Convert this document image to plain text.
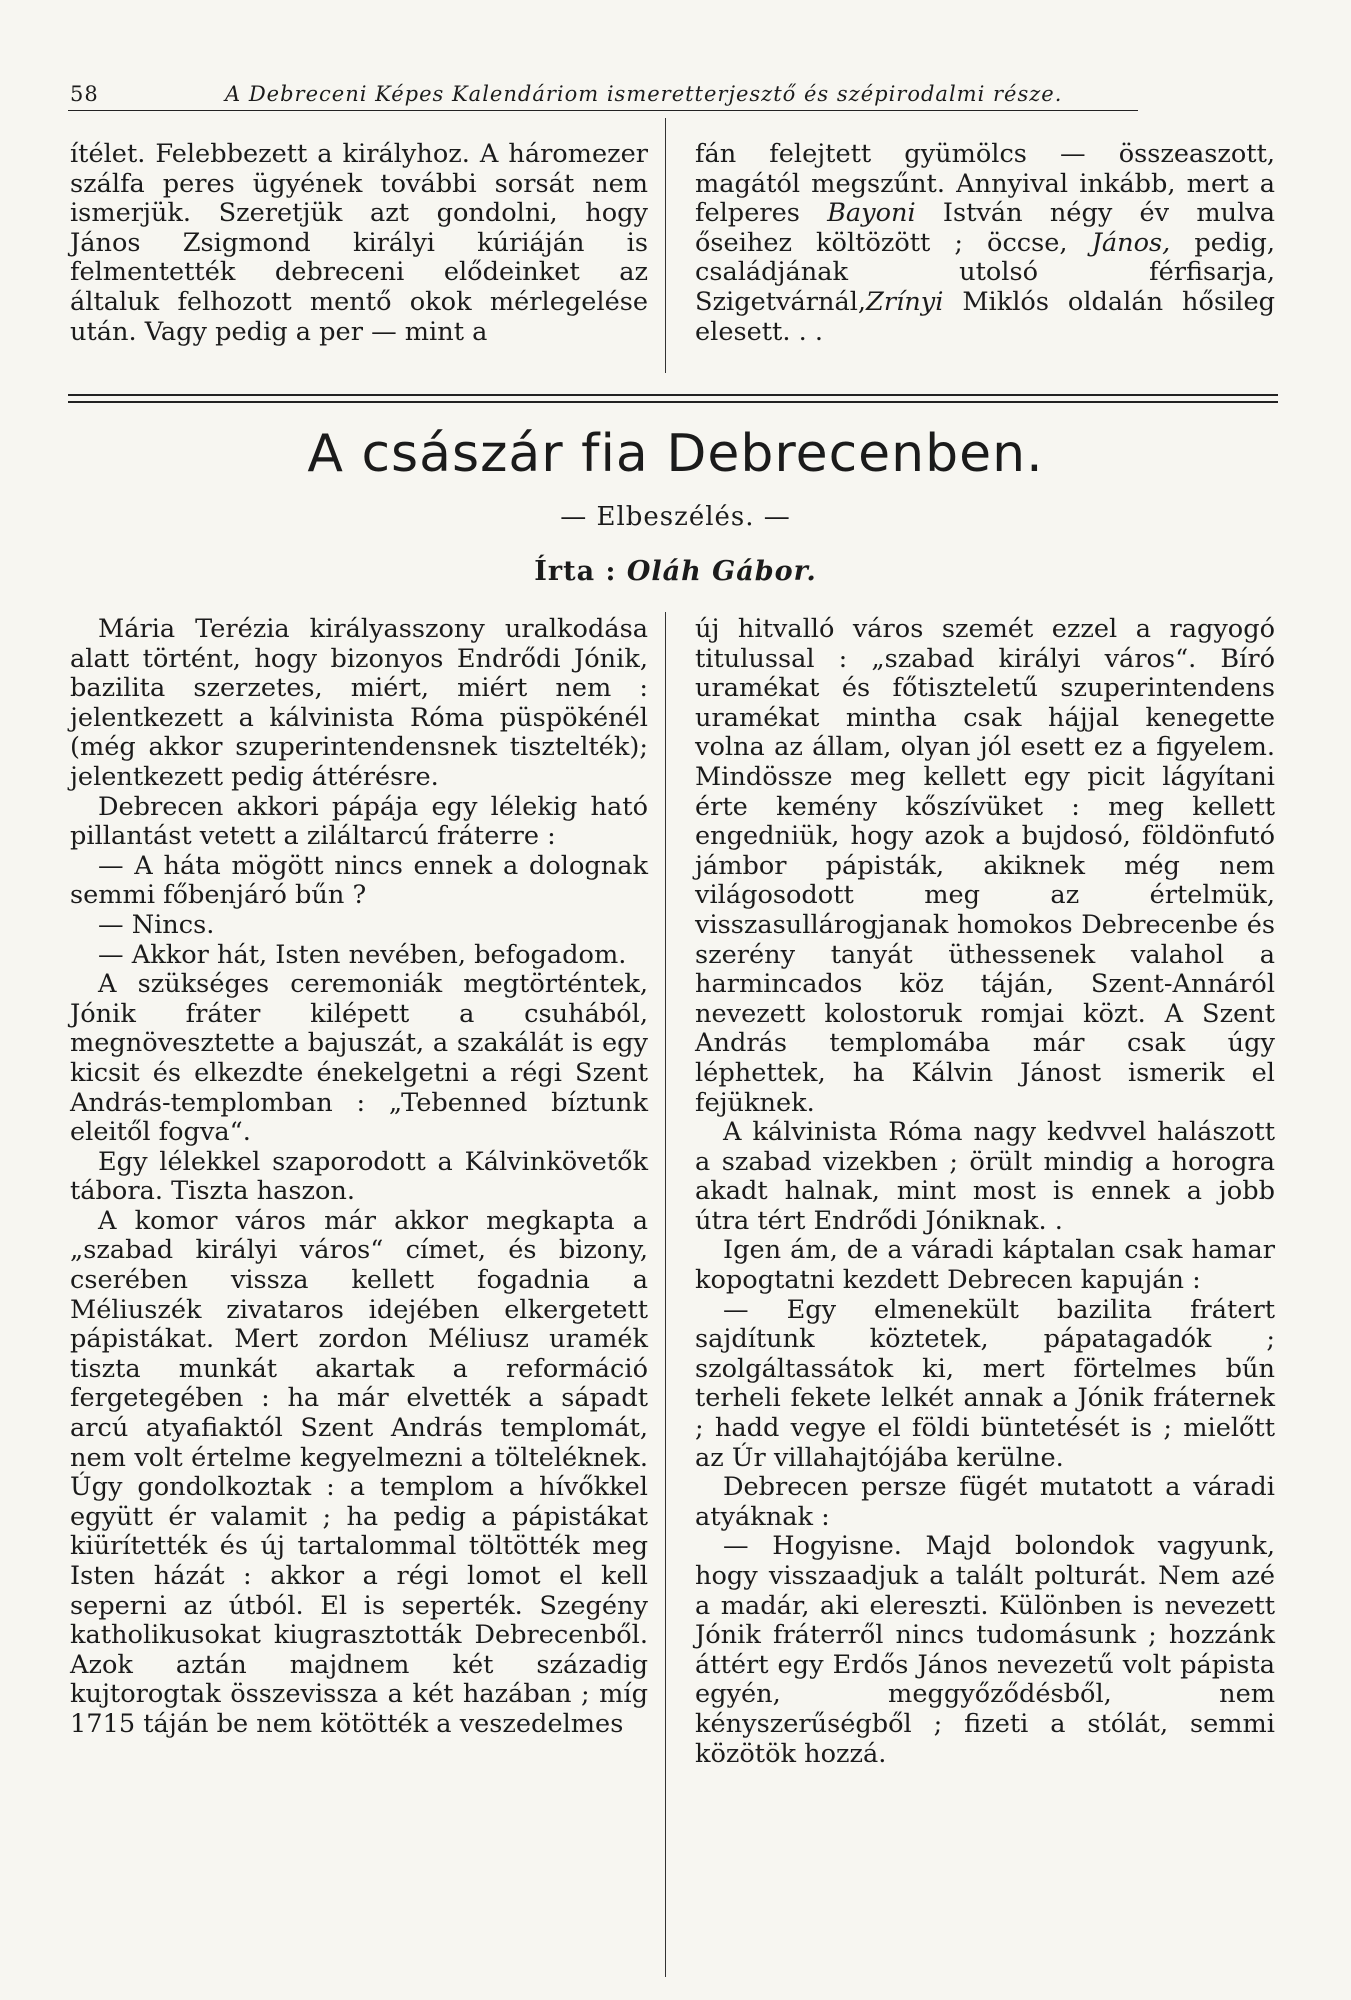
58	A Debreceni Képes Kalendáriom ismeretterjesztő és szépirodalmi része.

ítélet. Felebbezett a királyhoz. A háromezer szálfa peres ügyének további sorsát nem ismerjük. Szeretjük azt gondolni, hogy János Zsigmond királyi kúriáján is felmentették debreceni elődeinket az általuk felhozott mentő okok mérlegelése után. Vagy pedig a per — mint a

fán felejtett gyümölcs — összeaszott, magától megszűnt. Annyival inkább, mert a felperes Bayoni István négy év mulva őseihez költözött ; öccse, János, pedig, családjának utolsó férfisarja, Szigetvárnál,Zrínyi Miklós oldalán hősileg elesett. . .

A császár fia Debrecenben.
— Elbeszélés. —
Írta : Oláh Gábor.

Mária Terézia királyasszony uralkodása alatt történt, hogy bizonyos Endrődi Jónik, bazilita szerzetes, miért, miért nem : jelentkezett a kálvinista Róma püspökénél (még akkor szuperintendensnek tisztelték); jelentkezett pedig áttérésre.

Debrecen akkori pápája egy lélekig ható pillantást vetett a ziláltarcú fráterre :

— A háta mögött nincs ennek a dolognak semmi főbenjáró bűn ?

— Nincs.

— Akkor hát, Isten nevében, befogadom.

A szükséges ceremoniák megtörténtek, Jónik fráter kilépett a csuhából, megnövesztette a bajuszát, a szakálát is egy kicsit és elkezdte énekelgetni a régi Szent András-templomban : „Tebenned bíztunk eleitől fogva“.

Egy lélekkel szaporodott a Kálvinkövetők tábora. Tiszta haszon.

A komor város már akkor megkapta a „szabad királyi város“ címet, és bizony, cserében vissza kellett fogadnia a Méliuszék zivataros idejében elkergetett pápistákat. Mert zordon Méliusz uramék tiszta munkát akartak a reformáció fergetegében : ha már elvették a sápadt arcú atyafiaktól Szent András templomát, nem volt értelme kegyelmezni a tölteléknek. Úgy gondolkoztak : a templom a hívőkkel együtt ér valamit ; ha pedig a pápistákat kiürítették és új tartalommal töltötték meg Isten házát : akkor a régi lomot el kell seperni az útból. El is seperték. Szegény katholikusokat kiugrasztották Debrecenből. Azok aztán majdnem két századig kujtorogtak összevissza a két hazában ; míg 1715 táján be nem kötötték a veszedelmes

új hitvalló város szemét ezzel a ragyogó titulussal : „szabad királyi város“. Bíró uramékat és főtiszteletű szuperintendens uramékat mintha csak hájjal kenegette volna az állam, olyan jól esett ez a figyelem. Mindössze meg kellett egy picit lágyítani érte kemény kőszívüket : meg kellett engedniük, hogy azok a bujdosó, földönfutó jámbor pápisták, akiknek még nem világosodott meg az értelmük, visszasullárogjanak homokos Debrecenbe és szerény tanyát üthessenek valahol a harmincados köz táján, Szent-Annáról nevezett kolostoruk romjai közt. A Szent András templomába már csak úgy léphettek, ha Kálvin Jánost ismerik el fejüknek.

A kálvinista Róma nagy kedvvel halászott a szabad vizekben ; örült mindig a horogra akadt halnak, mint most is ennek a jobb útra tért Endrődi Jóniknak. .

Igen ám, de a váradi káptalan csak hamar kopogtatni kezdett Debrecen kapuján :

— Egy elmenekült bazilita frátert sajdítunk köztetek, pápatagadók ; szolgáltassátok ki, mert förtelmes bűn terheli fekete lelkét annak a Jónik fráternek ; hadd vegye el földi büntetését is ; mielőtt az Úr villahajtójába kerülne.

Debrecen persze fügét mutatott a váradi atyáknak :

— Hogyisne. Majd bolondok vagyunk, hogy visszaadjuk a talált polturát. Nem azé a madár, aki elereszti. Különben is nevezett Jónik fráterről nincs tudomásunk ; hozzánk áttért egy Erdős János nevezetű volt pápista egyén, meggyőződésből, nem kényszerűségből ; fizeti a stólát, semmi közötök hozzá.
